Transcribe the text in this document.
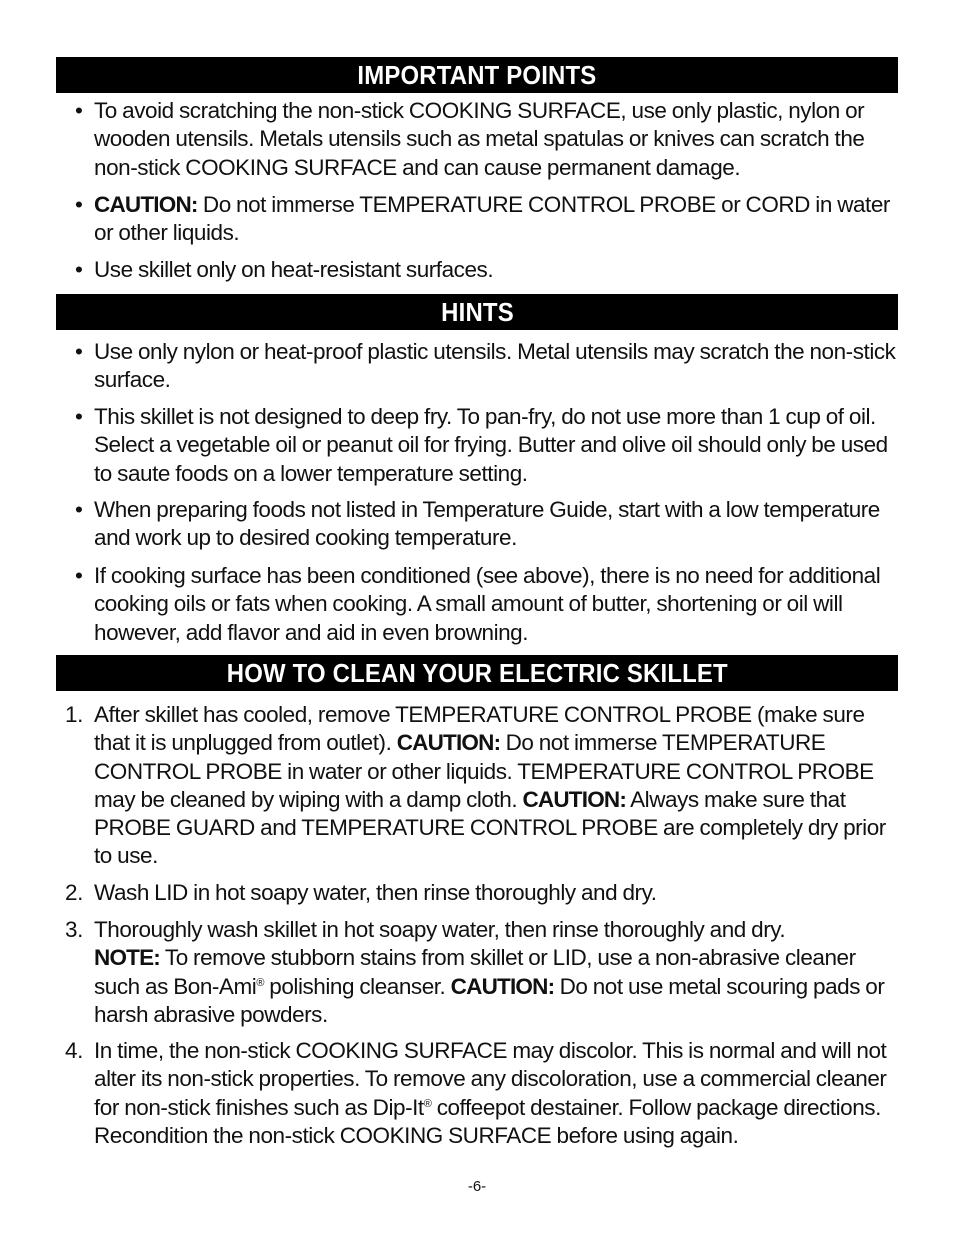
IMPORTANT POINTS
• To avoid scratching the non-stick COOKING SURFACE, use only plastic, nylon or wooden utensils. Metals utensils such as metal spatulas or knives can scratch the non-stick COOKING SURFACE and can cause permanent damage.
• CAUTION: Do not immerse TEMPERATURE CONTROL PROBE or CORD in water or other liquids.
• Use skillet only on heat-resistant surfaces.
HINTS
• Use only nylon or heat-proof plastic utensils. Metal utensils may scratch the non-stick surface.
• This skillet is not designed to deep fry. To pan-fry, do not use more than 1 cup of oil. Select a vegetable oil or peanut oil for frying. Butter and olive oil should only be used to saute foods on a lower temperature setting.
• When preparing foods not listed in Temperature Guide, start with a low temperature and work up to desired cooking temperature.
• If cooking surface has been conditioned (see above), there is no need for additional cooking oils or fats when cooking. A small amount of butter, shortening or oil will however, add flavor and aid in even browning.
HOW TO CLEAN YOUR ELECTRIC SKILLET
1. After skillet has cooled, remove TEMPERATURE CONTROL PROBE (make sure that it is unplugged from outlet). CAUTION: Do not immerse TEMPERATURE CONTROL PROBE in water or other liquids. TEMPERATURE CONTROL PROBE may be cleaned by wiping with a damp cloth. CAUTION: Always make sure that PROBE GUARD and TEMPERATURE CONTROL PROBE are completely dry prior to use.
2. Wash LID in hot soapy water, then rinse thoroughly and dry.
3. Thoroughly wash skillet in hot soapy water, then rinse thoroughly and dry.
NOTE: To remove stubborn stains from skillet or LID, use a non-abrasive cleaner such as Bon-Ami® polishing cleanser. CAUTION: Do not use metal scouring pads or harsh abrasive powders.
4. In time, the non-stick COOKING SURFACE may discolor. This is normal and will not alter its non-stick properties. To remove any discoloration, use a commercial cleaner for non-stick finishes such as Dip-It® coffeepot destainer. Follow package directions. Recondition the non-stick COOKING SURFACE before using again.
-6-
